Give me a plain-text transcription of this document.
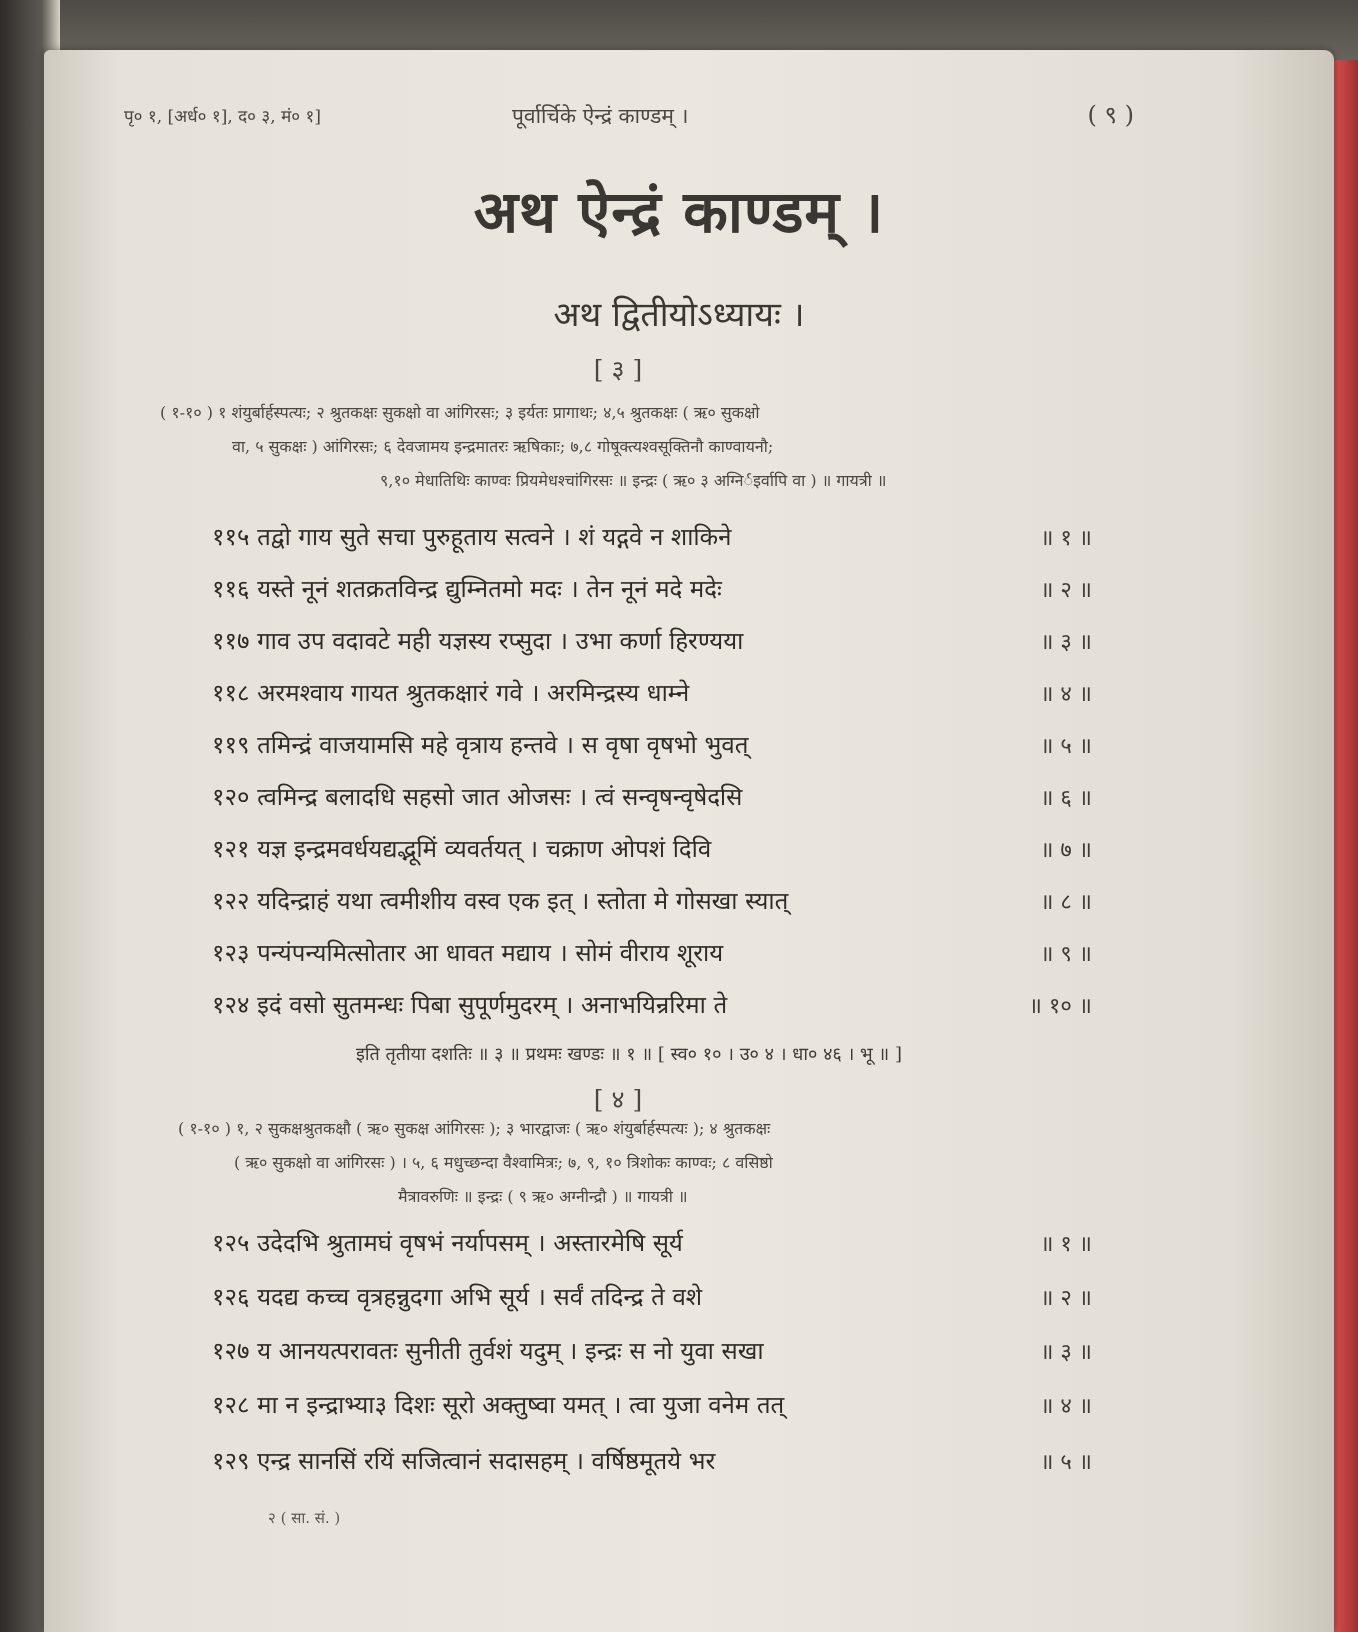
पृ० १, [अर्ध० १], द० ३, मं० १]	पूर्वार्चिके ऐन्द्रं काण्डम् ।	( ९ )
अथ ऐन्द्रं काण्डम् ।
अथ द्वितीयोऽध्यायः ।
[ ३ ]
( १-१० ) १ शंयुर्बार्हस्पत्यः; २ श्रुतकक्षः सुकक्षो वा आंगिरसः; ३ इर्यतः प्रागाथः; ४,५ श्रुतकक्षः ( ऋ० सुकक्षो
वा, ५ सुकक्षः ) आंगिरसः; ६ देवजामय इन्द्रमातरः ऋषिकाः; ७,८ गोषूक्त्यश्वसूक्तिनौ काण्वायनौ;
९,१० मेधातिथिः काण्वः प्रियमेधश्चांगिरसः ॥ इन्द्रः ( ऋ० ३ अग्निर्इर्वापि वा ) ॥ गायत्री ॥
११५ तद्वो गाय सुते सचा पुरुहूताय सत्वने । शं यद्गवे न शाकिने	॥ १ ॥
११६ यस्ते नूनं शतक्रतविन्द्र द्युम्नितमो मदः । तेन नूनं मदे मदेः	॥ २ ॥
११७ गाव उप वदावटे मही यज्ञस्य रप्सुदा । उभा कर्णा हिरण्यया	॥ ३ ॥
११८ अरमश्वाय गायत श्रुतकक्षारं गवे । अरमिन्द्रस्य धाम्ने	॥ ४ ॥
११९ तमिन्द्रं वाजयामसि महे वृत्राय हन्तवे । स वृषा वृषभो भुवत्	॥ ५ ॥
१२० त्वमिन्द्र बलादधि सहसो जात ओजसः । त्वं सन्वृषन्वृषेदसि	॥ ६ ॥
१२१ यज्ञ इन्द्रमवर्धयद्यद्भूमिं व्यवर्तयत् । चक्राण ओपशं दिवि	॥ ७ ॥
१२२ यदिन्द्राहं यथा त्वमीशीय वस्व एक इत् । स्तोता मे गोसखा स्यात्	॥ ८ ॥
१२३ पन्यंपन्यमित्सोतार आ धावत मद्याय । सोमं वीराय शूराय	॥ ९ ॥
१२४ इदं वसो सुतमन्धः पिबा सुपूर्णमुदरम् । अनाभयिन्ररिमा ते	॥ १० ॥
इति तृतीया दशतिः ॥ ३ ॥ प्रथमः खण्डः ॥ १ ॥ [ स्व० १० । उ० ४ । धा० ४६ । भू ॥ ]
[ ४ ]
( १-१० ) १, २ सुकक्षश्रुतकक्षौ ( ऋ० सुकक्ष आंगिरसः ); ३ भारद्वाजः ( ऋ० शंयुर्बार्हस्पत्यः ); ४ श्रुतकक्षः
( ऋ० सुकक्षो वा आंगिरसः ) । ५, ६ मधुच्छन्दा वैश्वामित्रः; ७, ९, १० त्रिशोकः काण्वः; ८ वसिष्ठो
मैत्रावरुणिः ॥ इन्द्रः ( ९ ऋ० अग्नीन्द्रौ ) ॥ गायत्री ॥
१२५ उदेदभि श्रुतामघं वृषभं नर्यापसम् । अस्तारमेषि सूर्य	॥ १ ॥
१२६ यदद्य कच्च वृत्रहन्नुदगा अभि सूर्य । सर्वं तदिन्द्र ते वशे	॥ २ ॥
१२७ य आनयत्परावतः सुनीती तुर्वशं यदुम् । इन्द्रः स नो युवा सखा	॥ ३ ॥
१२८ मा न इन्द्राभ्या३ दिशः सूरो अक्तुष्वा यमत् । त्वा युजा वनेम तत्	॥ ४ ॥
१२९ एन्द्र सानसिं रयिं सजित्वानं सदासहम् । वर्षिष्ठमूतये भर	॥ ५ ॥
२ ( सा. सं. )
